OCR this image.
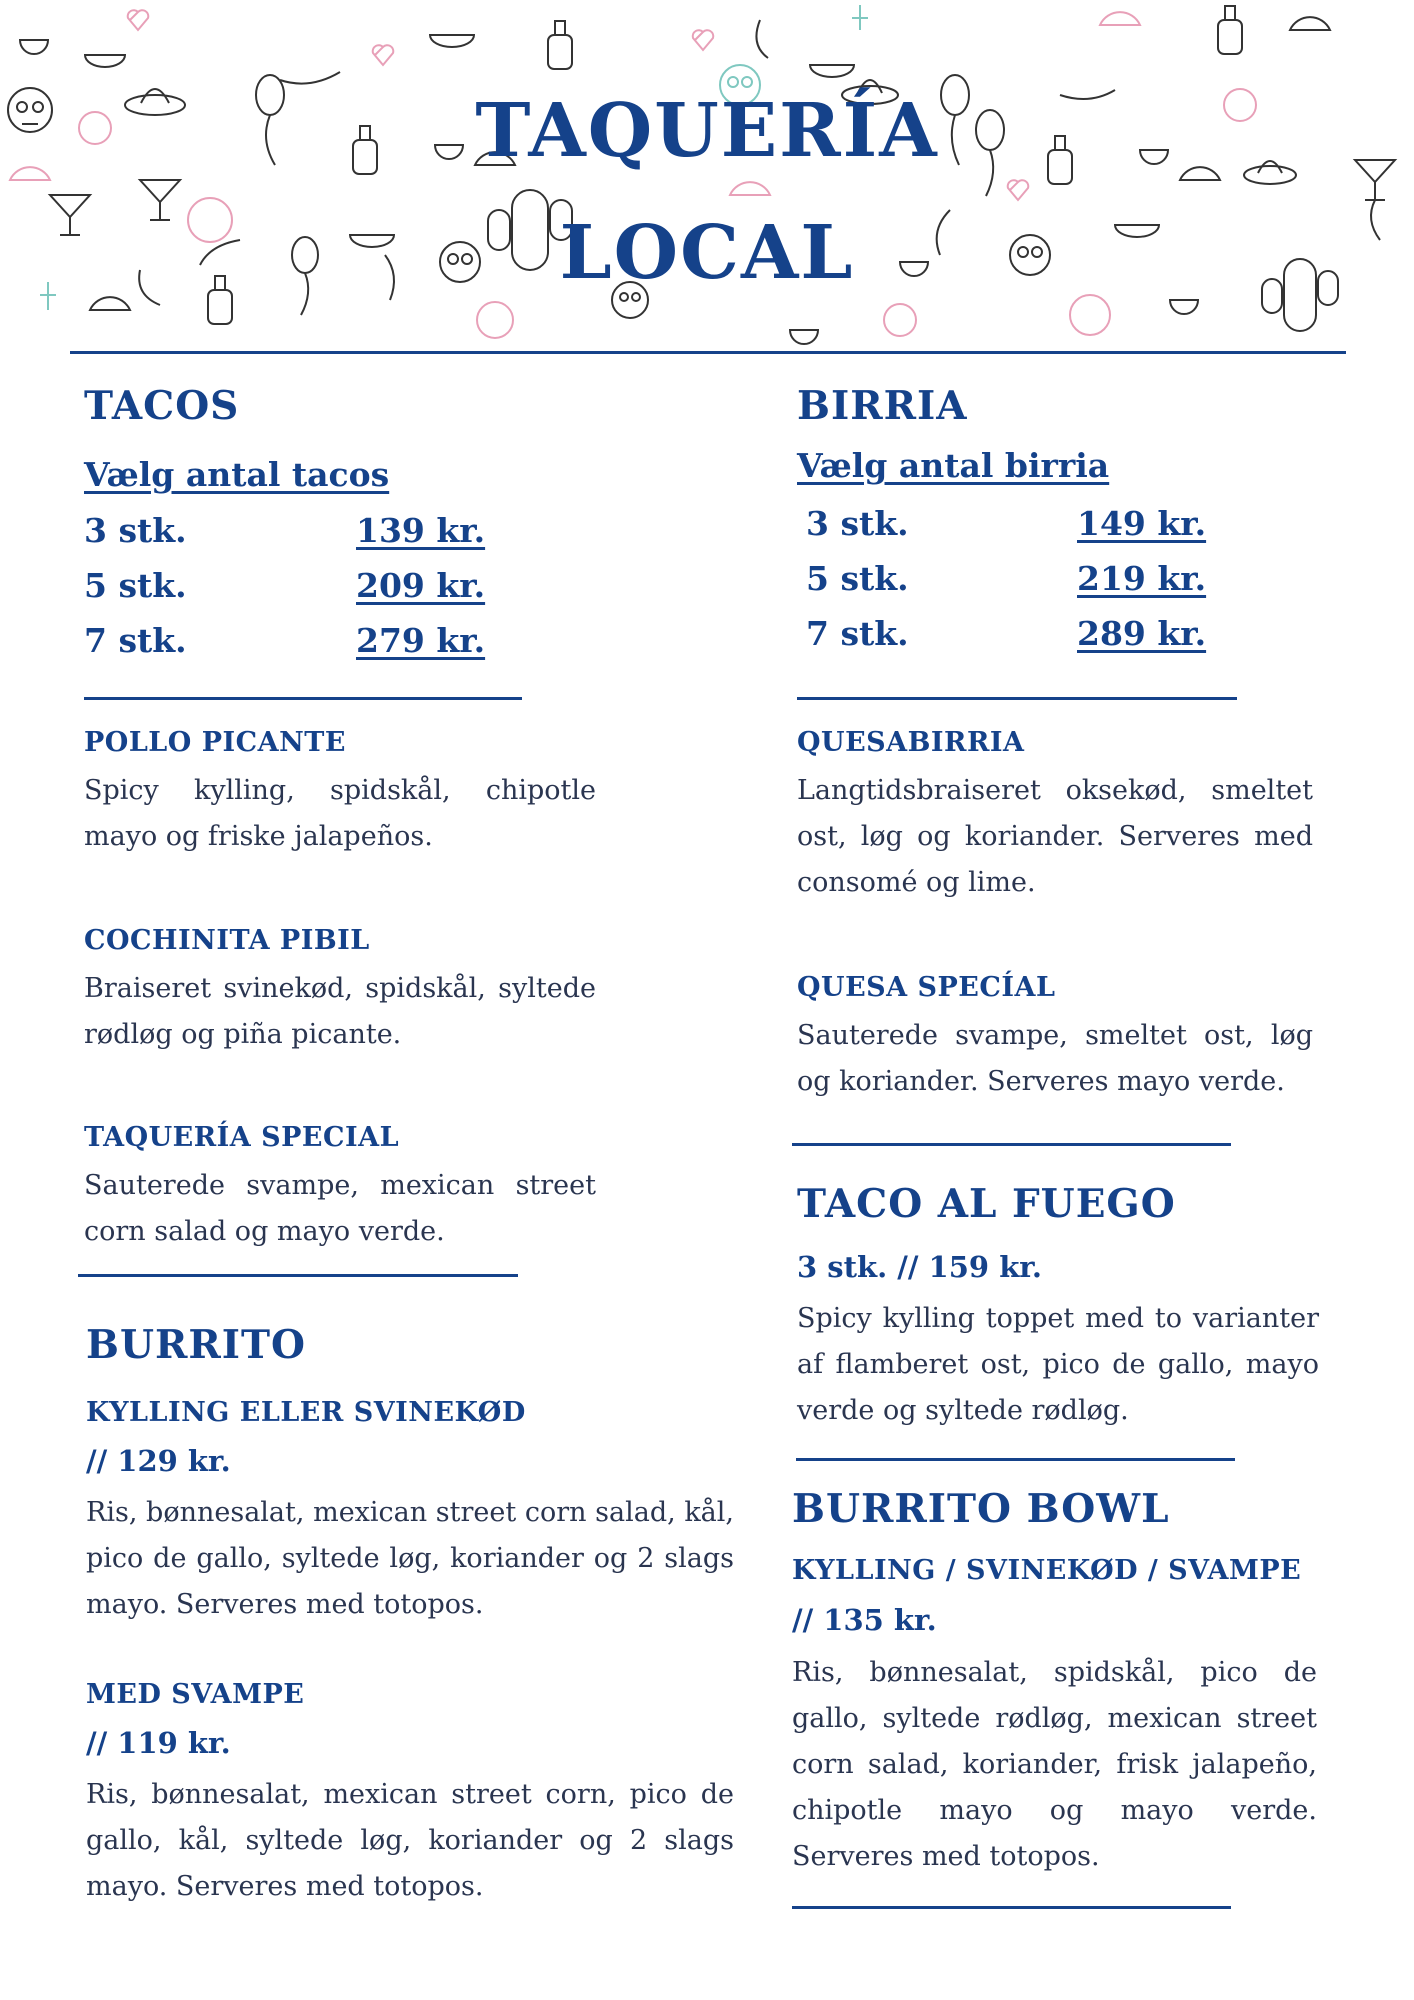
TAQUERÍA
LOCAL
TACOS
Vælg antal tacos
3 stk.	139 kr.
5 stk.	209 kr.
7 stk.	279 kr.
POLLO PICANTE
Spicy kylling, spidskål, chipotle mayo og friske jalapeños.
COCHINITA PIBIL
Braiseret svinekød, spidskål, syltede rødløg og piña picante.
TAQUERÍA SPECIAL
Sauterede svampe, mexican street corn salad og mayo verde.
BURRITO
KYLLING ELLER SVINEKØD
// 129 kr.
Ris, bønnesalat, mexican street corn salad, kål, pico de gallo, syltede løg, koriander og 2 slags mayo. Serveres med totopos.
MED SVAMPE
// 119 kr.
Ris, bønnesalat, mexican street corn, pico de gallo, kål, syltede løg, koriander og 2 slags mayo. Serveres med totopos.
BIRRIA
Vælg antal birria
3 stk.	149 kr.
5 stk.	219 kr.
7 stk.	289 kr.
QUESABIRRIA
Langtidsbraiseret oksekød, smeltet ost, løg og koriander. Serveres med consomé og lime.
QUESA SPECÍAL
Sauterede svampe, smeltet ost, løg og koriander. Serveres mayo verde.
TACO AL FUEGO
3 stk. // 159 kr.
Spicy kylling toppet med to varianter af flamberet ost, pico de gallo, mayo verde og syltede rødløg.
BURRITO BOWL
KYLLING / SVINEKØD / SVAMPE
// 135 kr.
Ris, bønnesalat, spidskål, pico de gallo, syltede rødløg, mexican street corn salad, koriander, frisk jalapeño, chipotle mayo og mayo verde. Serveres med totopos.
